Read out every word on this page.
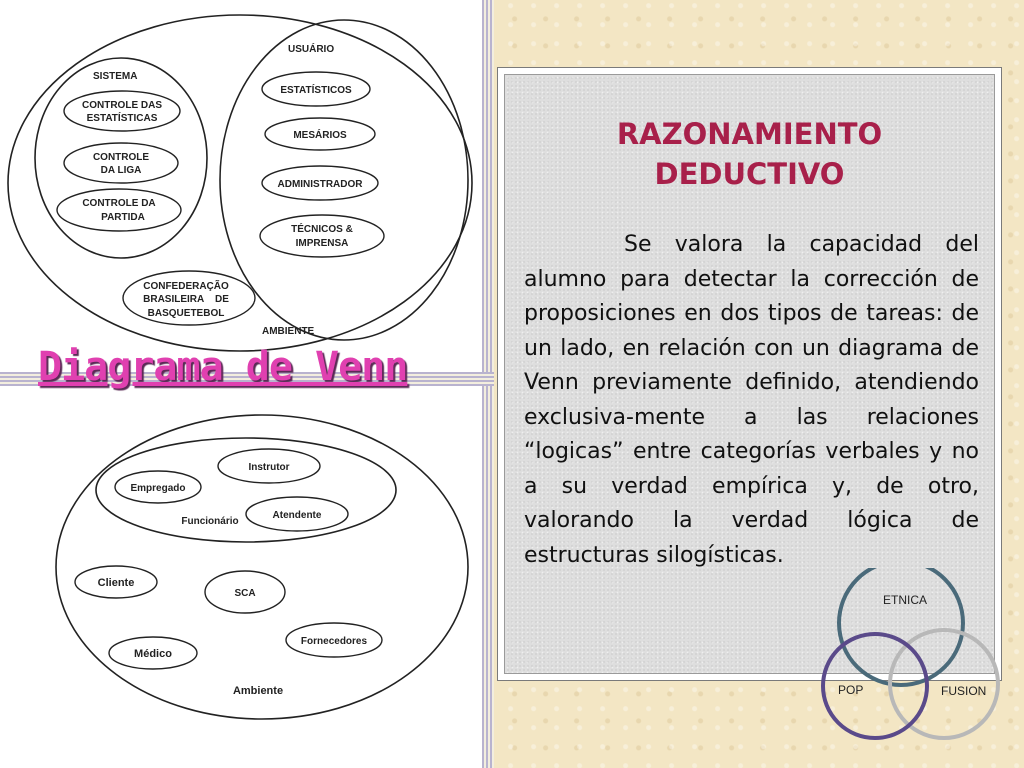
AMBIENTE
SISTEMA
CONTROLE DAS
ESTATÍSTICAS
CONTROLE
DA LIGA
CONTROLE DA
PARTIDA
USUÁRIO
ESTATÍSTICOS
MESÁRIOS
ADMINISTRADOR
TÉCNICOS &
IMPRENSA
CONFEDERAÇÃO
BRASILEIRA    DE
BASQUETEBOL
Diagrama de Venn
Ambiente
Funcionário
Instrutor
Empregado
Atendente
Cliente
SCA
Fornecedores
Médico
RAZONAMIENTO
DEDUCTIVO
Se valora la capacidad del alumno para detectar la corrección de proposiciones en dos tipos de tareas: de un lado, en relación con un diagrama de Venn previamente definido, atendiendo exclusiva-mente a las relaciones “logicas” entre categorías verbales y no a su verdad empírica y, de otro, valorando la verdad lógica de estructuras silogísticas.
ETNICA
POP	FUSION
